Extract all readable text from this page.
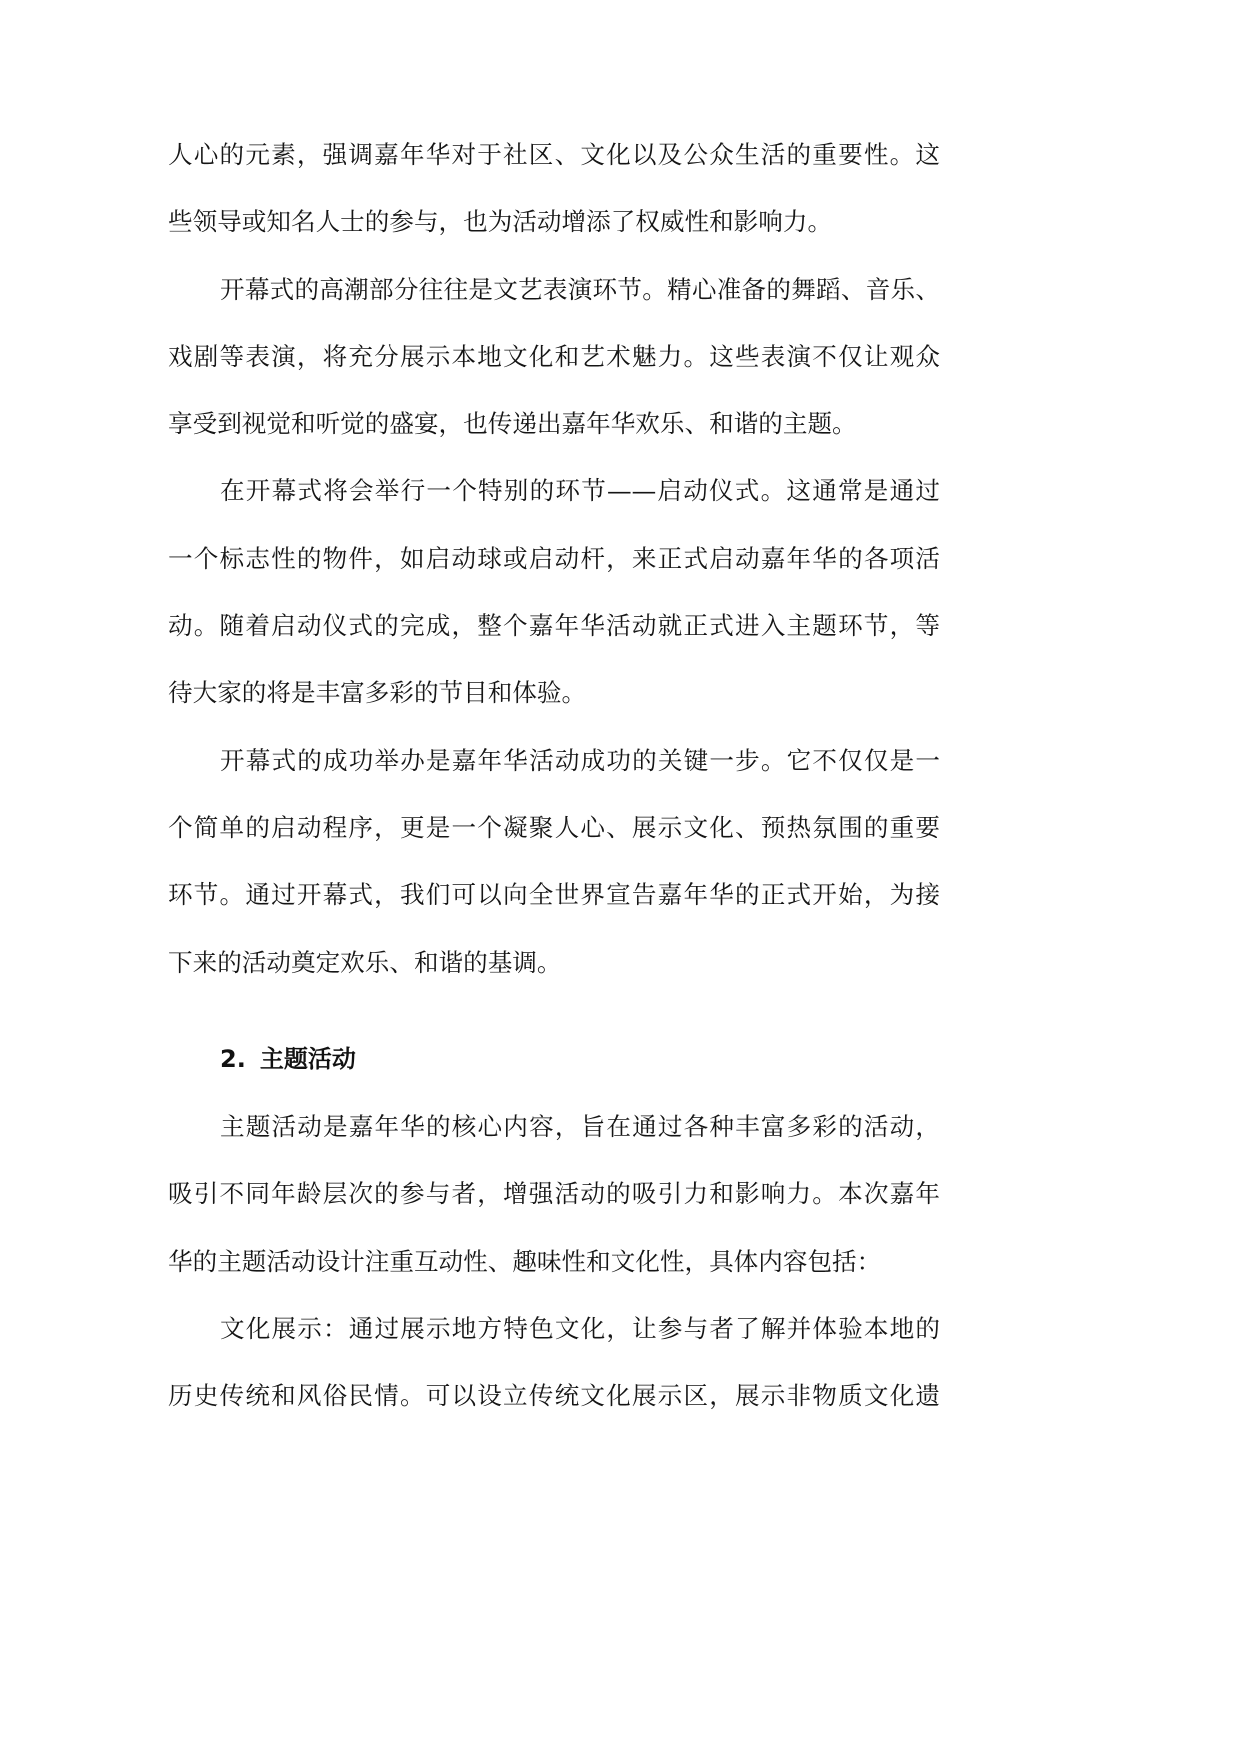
人心的元素，强调嘉年华对于社区、文化以及公众生活的重要性。这
些领导或知名人士的参与，也为活动增添了权威性和影响力。
开幕式的高潮部分往往是文艺表演环节。精心准备的舞蹈、音乐、
戏剧等表演，将充分展示本地文化和艺术魅力。这些表演不仅让观众
享受到视觉和听觉的盛宴，也传递出嘉年华欢乐、和谐的主题。
在开幕式将会举行一个特别的环节——启动仪式。这通常是通过
一个标志性的物件，如启动球或启动杆，来正式启动嘉年华的各项活
动。随着启动仪式的完成，整个嘉年华活动就正式进入主题环节，等
待大家的将是丰富多彩的节目和体验。
开幕式的成功举办是嘉年华活动成功的关键一步。它不仅仅是一
个简单的启动程序，更是一个凝聚人心、展示文化、预热氛围的重要
环节。通过开幕式，我们可以向全世界宣告嘉年华的正式开始，为接
下来的活动奠定欢乐、和谐的基调。
2. 主题活动
主题活动是嘉年华的核心内容，旨在通过各种丰富多彩的活动，
吸引不同年龄层次的参与者，增强活动的吸引力和影响力。本次嘉年
华的主题活动设计注重互动性、趣味性和文化性，具体内容包括：
文化展示：通过展示地方特色文化，让参与者了解并体验本地的
历史传统和风俗民情。可以设立传统文化展示区，展示非物质文化遗
